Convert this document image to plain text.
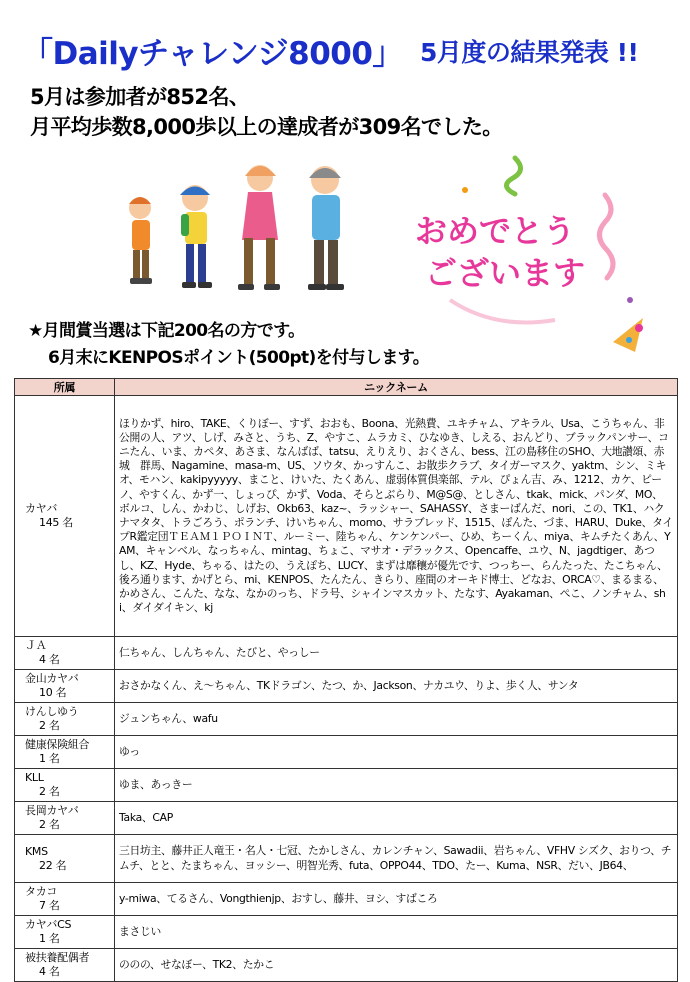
「Dailyチャレンジ8000」 5月度の結果発表 !!
5月は参加者が852名、
月平均歩数8,000歩以上の達成者が309名でした。
おめでとう
ございます
★月間賞当選は下記200名の方です。
6月末にKENPOSポイント(500pt)を付与します。
所属	ニックネーム
カヤバ
145 名	ほりかず、hiro、TAKE、くりぼー、すず、おおも、Boona、光熱費、ユキチャム、アキラル、Usa、こうちゃん、非公開の人、アツ、しげ、みさと、うち、Z、やすこ、ムラカミ、ひなゆき、しえる、おんどり、ブラックパンサー、コニたん、いま、カペタ、あさま、なんばば、tatsu、えりえり、おくさん、bess、江の島移住のSHO、大地讃頌、赤城　群馬、Nagamine、masa-m、US、ソウタ、かっすんこ、お散歩クラブ、タイガーマスク、yaktm、シン、ミキオ、モハン、kakipyyyyy、まこと、けいた、たくあん、虚弱体質倶楽部、テル、ぴょん吉、み、1212、カケ、ピーノ、やすくん、かず一、しょっぴ、かず、Voda、そらとぶらり、M@S@、としさん、tkak、mick、パンダ、MO、ボルコ、しん、かわじ、しげお、Okb63、kaz~、ラッシャー、SAHASSY、さまーばんだ、nori、この、TK1、ハクナマタタ、トラごろう、ポランチ、けいちゃん、momo、サラブレッド、1515、ぽんた、づま、HARU、Duke、タイプR鑑定団ＴＥＡＭ１ＰＯＩＮＴ、ルーミー、陸ちゃん、ケンケンパー、ひめ、ちーくん、miya、キムチたくあん、YAM、キャンベル、なっちゃん、mintag、ちょこ、マサオ・デラックス、Opencaffe、ユウ、N、jagdtiger、あつし、KZ、Hyde、ちゃる、はたの、うえぽち、LUCY、まずは靡穰が優先です、つっちー、らんたった、たこちゃん、後ろ通ります、かげとら、mi、KENPOS、たんたん、きらり、座間のオーキド博士、どなお、ORCA♡、まるまる、かめさん、こんた、なな、なかのっち、ドラ号、シャインマスカット、たなす、Ayakaman、ぺこ、ノンチャム、shi、ダイダイキン、kj
ＪＡ
4 名	仁ちゃん、しんちゃん、たびと、やっしー
金山カヤバ
10 名	おさかなくん、え～ちゃん、TKドラゴン、たつ、か、Jackson、ナカユウ、りよ、歩く人、サンタ
けんしゆう
2 名	ジュンちゃん、wafu
健康保険組合
1 名	ゆっ
KLL
2 名	ゆま、あっきー
長岡カヤバ
2 名	Taka、CAP
KMS
22 名	三日坊主、藤井正人竜王・名人・七冠、たかしさん、カレンチャン、Sawadii、岩ちゃん、VFHV シズク、おりつ、チムチ、とと、たまちゃん、ヨッシー、明智光秀、futa、OPPO44、TDO、たー、Kuma、NSR、だい、JB64、
タカコ
7 名	y-miwa、てるさん、Vongthienjp、おすし、藤井、ヨシ、すばころ
カヤバCS
1 名	まさじい
被扶養配偶者
4 名	ののの、せなぼー、TK2、たかこ
